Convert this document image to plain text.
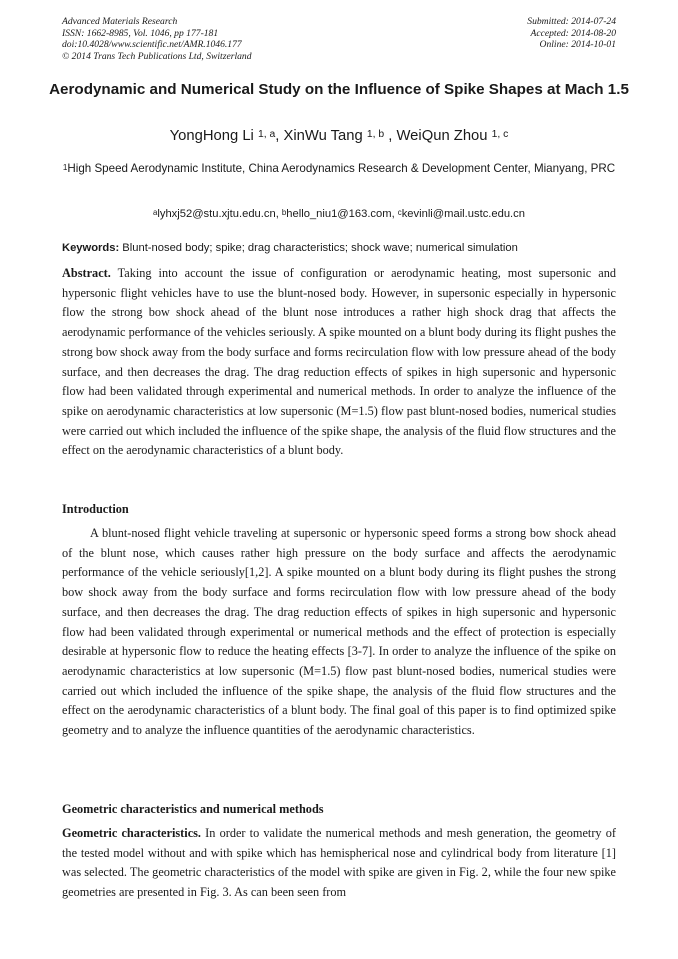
Advanced Materials Research
ISSN: 1662-8985, Vol. 1046, pp 177-181
doi:10.4028/www.scientific.net/AMR.1046.177
© 2014 Trans Tech Publications Ltd, Switzerland
Submitted: 2014-07-24
Accepted: 2014-08-20
Online: 2014-10-01
Aerodynamic and Numerical Study on the Influence of Spike Shapes at Mach 1.5
YongHong Li $^{1, a}$, XinWu Tang $^{1, b}$ , WeiQun Zhou $^{1, c}$
$^1$High Speed Aerodynamic Institute, China Aerodynamics Research & Development Center, Mianyang, PRC
$^a$lyhxj52@stu.xjtu.edu.cn, $^b$hello_niu1@163.com, $^c$kevinli@mail.ustc.edu.cn
Keywords: Blunt-nosed body; spike; drag characteristics; shock wave; numerical simulation
Abstract. Taking into account the issue of configuration or aerodynamic heating, most supersonic and hypersonic flight vehicles have to use the blunt-nosed body. However, in supersonic especially in hypersonic flow the strong bow shock ahead of the blunt nose introduces a rather high shock drag that affects the aerodynamic performance of the vehicles seriously. A spike mounted on a blunt body during its flight pushes the strong bow shock away from the body surface and forms recirculation flow with low pressure ahead of the body surface, and then decreases the drag. The drag reduction effects of spikes in high supersonic and hypersonic flow had been validated through experimental and numerical methods. In order to analyze the influence of the spike on aerodynamic characteristics at low supersonic (M=1.5) flow past blunt-nosed bodies, numerical studies were carried out which included the influence of the spike shape, the analysis of the fluid flow structures and the effect on the aerodynamic characteristics of a blunt body.
Introduction
A blunt-nosed flight vehicle traveling at supersonic or hypersonic speed forms a strong bow shock ahead of the blunt nose, which causes rather high pressure on the body surface and affects the aerodynamic performance of the vehicle seriously[1,2]. A spike mounted on a blunt body during its flight pushes the strong bow shock away from the body surface and forms recirculation flow with low pressure ahead of the body surface, and then decreases the drag. The drag reduction effects of spikes in high supersonic and hypersonic flow had been validated through experimental or numerical methods and the effect of protection is especially desirable at hypersonic flow to reduce the heating effects [3-7]. In order to analyze the influence of the spike on aerodynamic characteristics at low supersonic (M=1.5) flow past blunt-nosed bodies, numerical studies were carried out which included the influence of the spike shape, the analysis of the fluid flow structures and the effect on the aerodynamic characteristics of a blunt body. The final goal of this paper is to find optimized spike geometry and to analyze the influence quantities of the aerodynamic characteristics.
Geometric characteristics and numerical methods
Geometric characteristics. In order to validate the numerical methods and mesh generation, the geometry of the tested model without and with spike which has hemispherical nose and cylindrical body from literature [1] was selected. The geometric characteristics of the model with spike are given in Fig. 2, while the four new spike geometries are presented in Fig. 3. As can been seen from
